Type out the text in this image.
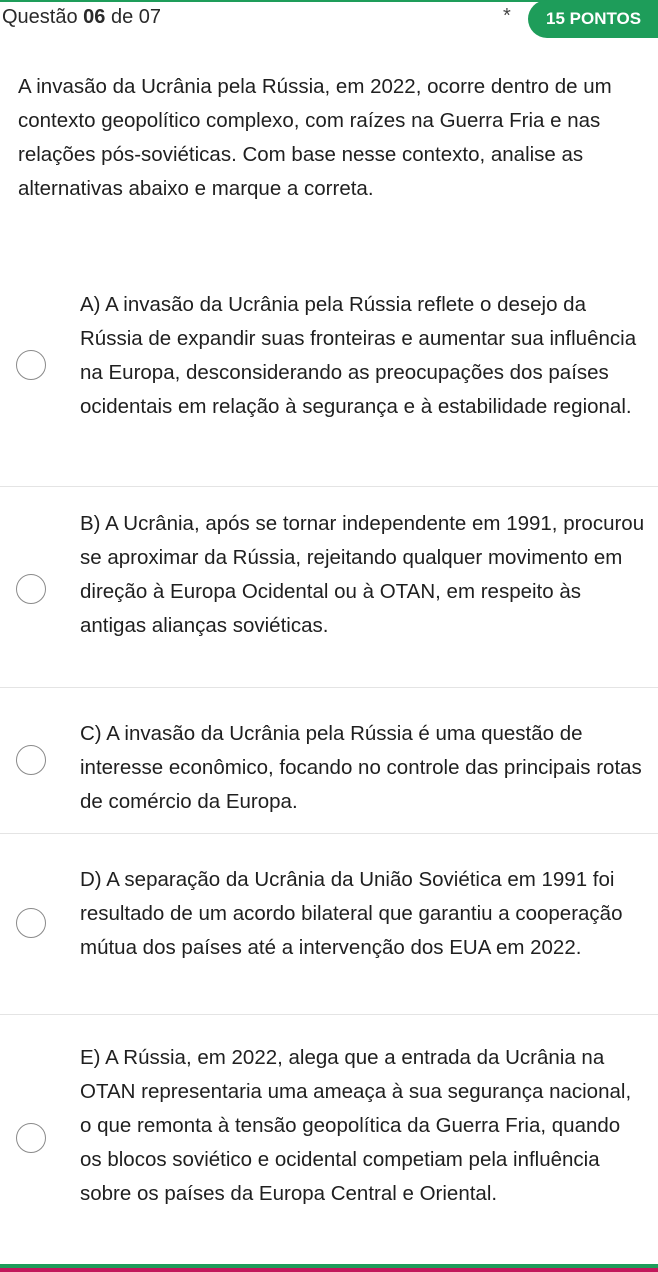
Questão 06 de 07	*	15 PONTOS
A invasão da Ucrânia pela Rússia, em 2022, ocorre dentro de um contexto geopolítico complexo, com raízes na Guerra Fria e nas relações pós-soviéticas. Com base nesse contexto, analise as alternativas abaixo e marque a correta.
A) A invasão da Ucrânia pela Rússia reflete o desejo da Rússia de expandir suas fronteiras e aumentar sua influência na Europa, desconsiderando as preocupações dos países ocidentais em relação à segurança e à estabilidade regional.
B) A Ucrânia, após se tornar independente em 1991, procurou se aproximar da Rússia, rejeitando qualquer movimento em direção à Europa Ocidental ou à OTAN, em respeito às antigas alianças soviéticas.
C) A invasão da Ucrânia pela Rússia é uma questão de interesse econômico, focando no controle das principais rotas de comércio da Europa.
D) A separação da Ucrânia da União Soviética em 1991 foi resultado de um acordo bilateral que garantiu a cooperação mútua dos países até a intervenção dos EUA em 2022.
E) A Rússia, em 2022, alega que a entrada da Ucrânia na OTAN representaria uma ameaça à sua segurança nacional, o que remonta à tensão geopolítica da Guerra Fria, quando os blocos soviético e ocidental competiam pela influência sobre os países da Europa Central e Oriental.
